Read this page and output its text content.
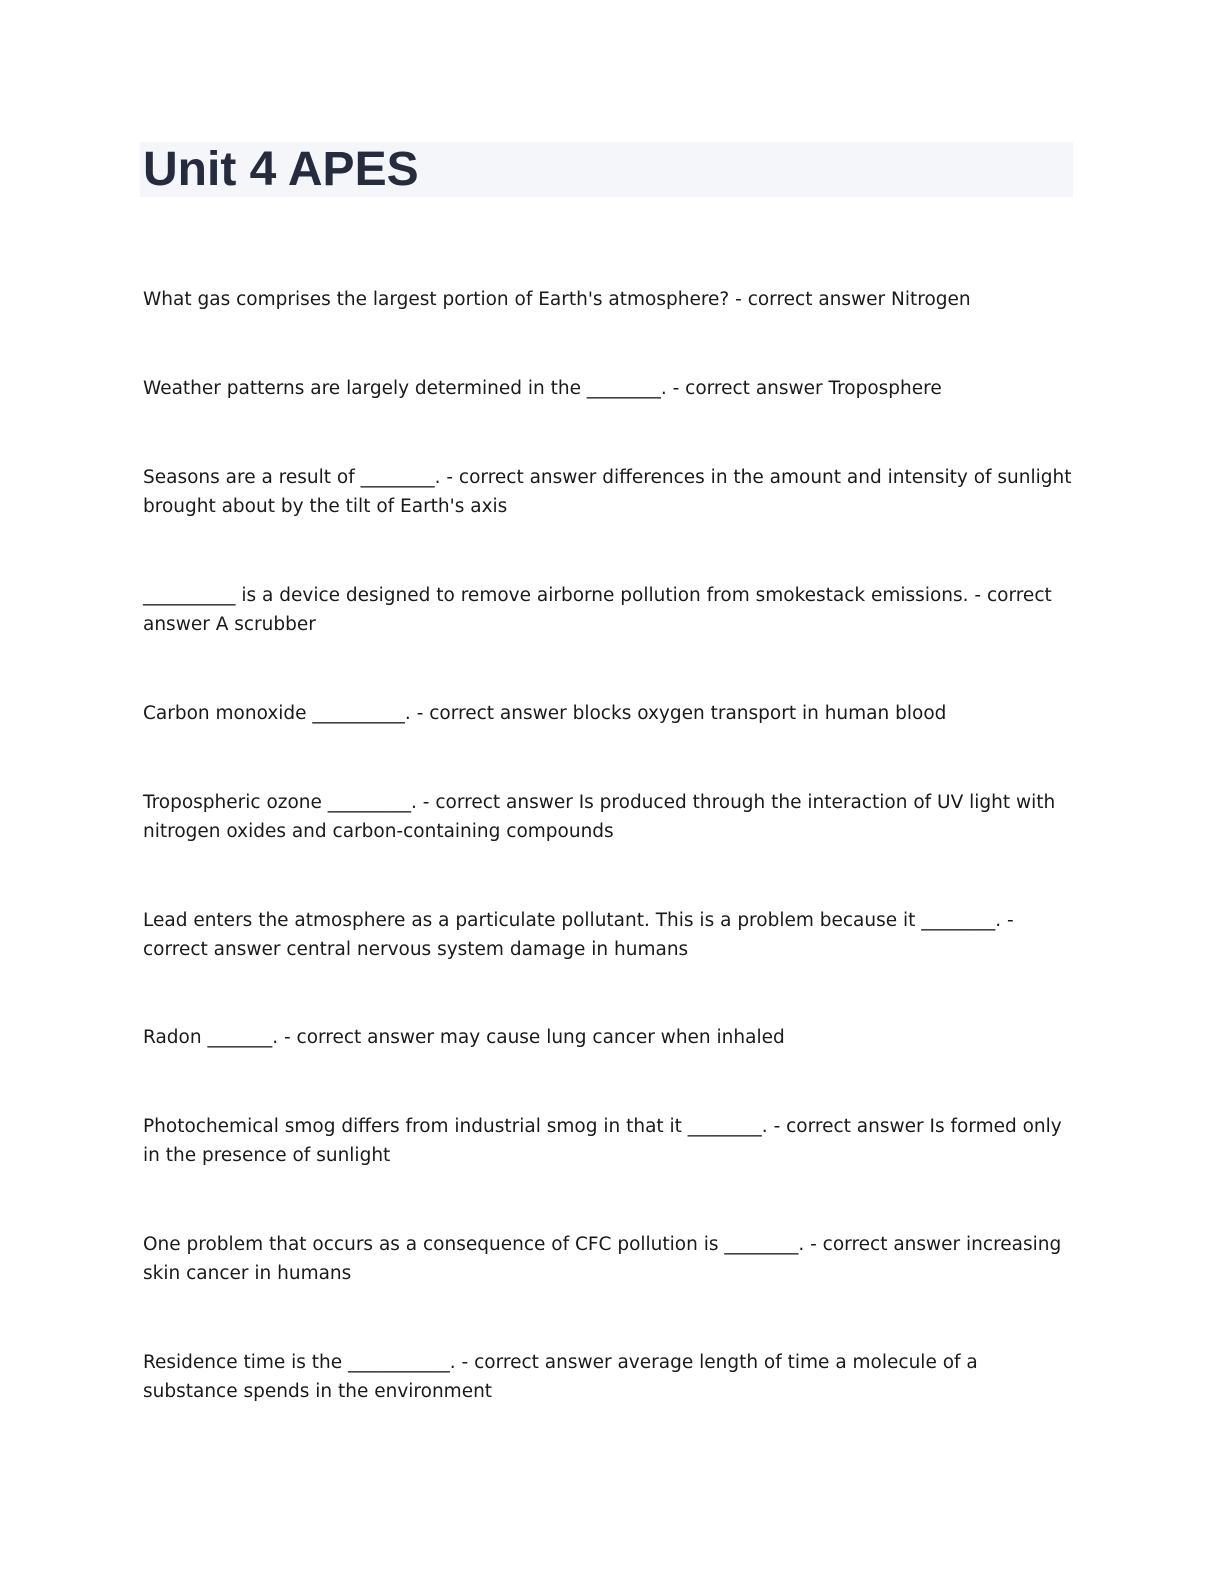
Unit 4 APES

What gas comprises the largest portion of Earth's atmosphere? - correct answer Nitrogen

Weather patterns are largely determined in the ________. - correct answer Troposphere

Seasons are a result of ________. - correct answer differences in the amount and intensity of sunlight brought about by the tilt of Earth's axis

__________ is a device designed to remove airborne pollution from smokestack emissions. - correct answer A scrubber

Carbon monoxide __________. - correct answer blocks oxygen transport in human blood

Tropospheric ozone _________. - correct answer Is produced through the interaction of UV light with nitrogen oxides and carbon-containing compounds

Lead enters the atmosphere as a particulate pollutant. This is a problem because it ________. - correct answer central nervous system damage in humans

Radon _______. - correct answer may cause lung cancer when inhaled

Photochemical smog differs from industrial smog in that it ________. - correct answer Is formed only in the presence of sunlight

One problem that occurs as a consequence of CFC pollution is ________. - correct answer increasing skin cancer in humans

Residence time is the ___________. - correct answer average length of time a molecule of a substance spends in the environment
